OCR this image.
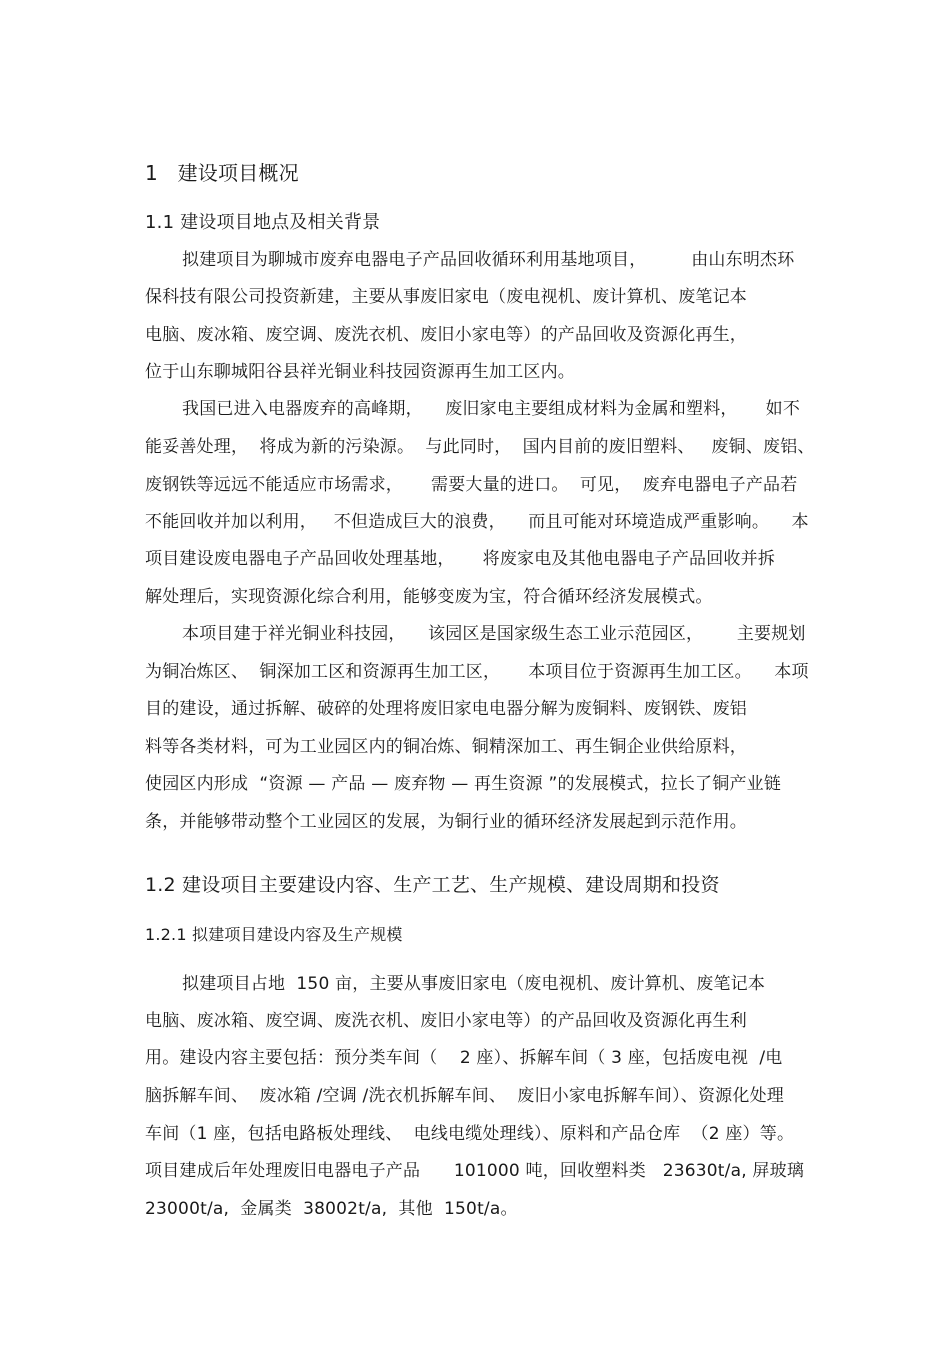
1   建设项目概况
1.1 建设项目地点及相关背景
拟建项目为聊城市废弃电器电子产品回收循环利用基地项目，        由山东明杰环
保科技有限公司投资新建，主要从事废旧家电（废电视机、废计算机、废笔记本
电脑、废冰箱、废空调、废洗衣机、废旧小家电等）的产品回收及资源化再生，
位于山东聊城阳谷县祥光铜业科技园资源再生加工区内。
我国已进入电器废弃的高峰期，    废旧家电主要组成材料为金属和塑料，     如不
能妥善处理，  将成为新的污染源。  与此同时，  国内目前的废旧塑料、   废铜、废铝、
废钢铁等远远不能适应市场需求，     需要大量的进口。  可见，  废弃电器电子产品若
不能回收并加以利用，   不但造成巨大的浪费，    而且可能对环境造成严重影响。    本
项目建设废电器电子产品回收处理基地，     将废家电及其他电器电子产品回收并拆
解处理后，实现资源化综合利用，能够变废为宝，符合循环经济发展模式。
本项目建于祥光铜业科技园，    该园区是国家级生态工业示范园区，      主要规划
为铜冶炼区、  铜深加工区和资源再生加工区，     本项目位于资源再生加工区。    本项
目的建设，通过拆解、破碎的处理将废旧家电电器分解为废铜料、废钢铁、废铝
料等各类材料，可为工业园区内的铜冶炼、铜精深加工、再生铜企业供给原料，
使园区内形成  “资源 — 产品 — 废弃物 — 再生资源 ”的发展模式，拉长了铜产业链
条，并能够带动整个工业园区的发展，为铜行业的循环经济发展起到示范作用。
1.2 建设项目主要建设内容、生产工艺、生产规模、建设周期和投资
1.2.1 拟建项目建设内容及生产规模
拟建项目占地  150 亩，主要从事废旧家电（废电视机、废计算机、废笔记本
电脑、废冰箱、废空调、废洗衣机、废旧小家电等）的产品回收及资源化再生利
用。建设内容主要包括：预分类车间（    2 座）、拆解车间（ 3 座，包括废电视  /电
脑拆解车间、  废冰箱 /空调 /洗衣机拆解车间、  废旧小家电拆解车间）、资源化处理
车间（1 座，包括电路板处理线、  电线电缆处理线）、原料和产品仓库  （2 座）等。
项目建成后年处理废旧电器电子产品      101000 吨，回收塑料类   23630t/a, 屏玻璃
23000t/a,  金属类  38002t/a,  其他  150t/a。
